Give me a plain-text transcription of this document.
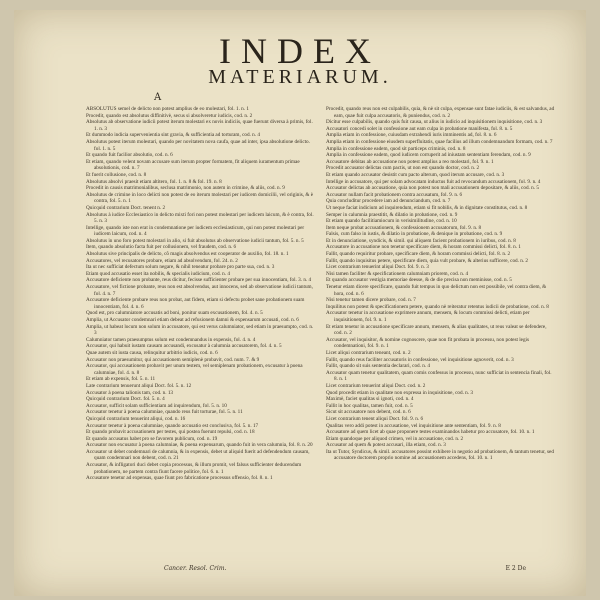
INDEX
MATERIARUM.
A

ABSOLUTUS semel de delicto non potest amplius de eo molestari, fol. 1. n. 1

Procedit, quando est absolutus diffinitivè, secus si absolveretur iudicis, cod. n. 2

Absolutus ab observatione iudicii potest iterum molestari ex novis indiciis, quae fuerunt diversa à primis, fol. 1. n. 3

Et dummodo indicia supervenientia sint gravia, & sufficientia ad torturam, cod. n. 4

Absolutus potest iterum molestari, quando per novitatem nova caufa, quae ad inter, ipsa absolutione delicto. fol. 1. n. 5

Et quando fuit facilior absolutio, cod. n. 6

Et etiam, quando velent novam accusare sum iterum propter formatem, fit aliquem iuramentum primae absolutionis, cod. n. 7

Et fuerit collusione, cod. n. 8

Absolutus absolvi praesit etiam altitero, fol. 1. n. 8 & fol. 19. n. 8

Procedit in causis matrimonialibus, seclusa matrimonio, non autem in crimine, & aliis, cod. n. 9

Absolutus de crimine in loco delicti non potest de eo iterum molestari per iudicem domicilii, vel originis, & è contra, fol. 5. n. 1

Quicquid contrarium Doct. tenent n. 2

Absolutus à iudice Ecclesiastico in delicto mixti fori non potest molestari per iudicem laicum, & è contra, fol. 5. n. 3

Intellige, quando iste non erat in condemnatione per iudicem ecclesiasticum, qui non potest molestari per iudicem laicum, cod. n. 4

Absolutus in uno foro potest molestari in alio, si fuit absolutus ab observatione iudicii tantum, fol. 5. n. 5

Item, quando absolutio facta fuit per collusionem, vel fraudem, cod. n. 6

Absolutus sive principalis de delicto, cõ magis absolvendus est cooperator de auxilio, fol. 18. n. 1

Accusatores, vel recusatores probare, etiam ad absolvendum, fol. 24. n. 2

Ita ut nec sufficiat defectum solum negare, & nihil teneatur probare pro parte sua, cod. n. 3

Etiam quod accusatio esset ita nobilis, & specialis iudicium, cod. n. 4

Accusatore deficiente non probante, reus dicitur, fecisse sufficienter probare per sua innocentiam, fol. 3. n. 4

Accusatore, vel fictione probante, reus non est absolvendus, aut innocens, sed ab observatione iudicii tantum, fol. 4. n. 7

Accusatore deficiente probare reus non probat, aut fidem, etiam si defectu probet sane probationem suam innocentiam, fol. 4. n. 6

Quod est, pro calumniatore accusatis ad boni, ponitur suam excusationem, fol. 4. n. 5

Amplia, ut Accusator condemnari etiam debeat ad refusionem damni & expensarum accusati, cod. n. 6

Amplia, ut habeat locum non solum in accusatore, qui est verus calumniator, sed etiam in praesumpto, cod. n. 3

Calumniator tamen praesumptus solum est condemnandus in expensis, fol. 4. n. 4

Accusator, qui habuit iustam causam accusandi, excusatur à calumnia accusatorem, fol. 4. n. 5

Quae autem sit iusta causa, relinquitur arbitrio iudicis, cod. n. 6

Accusator non praesumitur, qui accusationem semiplenè probavit, cod. num. 7. & 9

Accusator, qui accusationem probavit per unum testem, vel semiplenam probationem, excusatur à poena calumniae, fol. 4. n. 8

Et etiam ab expensis, fol. 5. n. 11

Late contrarium tenuerunt aliqui Doct. fol. 5. n. 12

Accusator à poena talionis tam, cod. n. 13

Quicquid contrarium Doct. fol. 5. n. 4

Accusator, sufficit solam sufficientiam ad inquirendum, fol. 5. n. 10

Accusator tenetur à poena calumniae, quando reus fuit torturae, fol. 5. n. 11

Quicquid contrarium tenuerint aliqui, cod. n. 16

Accusator tenetur à poena calumniae, quando accusatio est conclusiva, fol. 5. n. 17

Et quando probavit accusationem per testes, qui postea fuerunt repulsi, cod. n. 18

Et quando accusatus habet pro se favorem publicum, cod. n. 19

Accusator non excusatur à poena calumniae, & poena expensarum, quando fuit in vera calumnia, fol. 8. n. 20

Accusator ut debet condemnari de calumnia, & in expensis, debet ut aliquid fuerit ad defendendum causam, quam condemnari non debent, cod. n. 21

Accusator, & infligatori duci debet copia processus, & illum promit, vel falsus sufficienter deducendum probationem, ne partem contra fiunt facere politice, fol. 6. n. 1

Accusatore tenetur ad expensas, quae fiunt pro fabricatione processus offensio, fol. 8. n. 1

Procedit, quando reus non est culpabilis, quia, & nè sit culpa, expensae sunt fatae iudiciis, & est salvandus, ad eam, quae fuit culpa accusatoris, & puniendus, cod. n. 2

Dicitur esse culpabilis, quando quis fuit causa, ut alius in iudicio ad inquisitionem inquisitione, cod. n. 3

Accusatori concedi solet in confessione aut eam culpa in probatione manifesta, fol. 8. n. 5

Amplia etiam in confessione, cuiusdam extrahendi iuris imminentis ad, fol. 8. n. 6

Amplia etiam in confessione eiusdem superfluitatis, quae facilius ad illum condemnandum formam, cod. n. 7

Amplia in confessione eadem, quod sit particeps criminis, cod. n. 8

Amplia in confessione eadem, quod iudicem corruperit ad iniustam sententiam ferendam, cod. n. 9

Accusatore debitas ab accusatione non potest amplius a reo molestari, fol. 9. n. 1

Procedit accusator delictas cum pactis, ut non est quando doctor, cod. n. 2

Et etiam quando accusator desistit cum pacto alterum, quod iterum accusare, cod. n. 3

Intellige in accusatore, qui per solam advocatam inductus fuit ad revocandum accusationem, fol. 9. n. 4

Accusator delictas ab accusatione, quia non potest non mali accusationem depositare, & aliis, cod. n. 5

Accusator nullam facit probationem contra accusatum, fol. 9. n. 6

Quia concluditur procedere iam ad denunciandum, cod. n. 7

Ut neque faciat indicium ad inquirendum, etiam si fit nobilis, & in dignitate constitutus, cod. n. 8

Semper in calumnia praestitit, & dilatio in probatione, cod. n. 9

Et etiam quando facilitiamiocum in verisimilitudine, cod. n. 10

Item neque probat accusationem, & confessionem accusatorum, fol. 9. n. 8

Falsis, cum falso in iustis, & dilatio in probatione, & denique in probatione, cod. n. 9

Et in denunciatione, syndicis, & simil. qui aliquem facient probationem in iuribus, cod. n. 8

Accusatore in accusatione non tenetur specificare diem, & horam commissi delicti, fol. 8. n. 1

Fallit, quando requiritur probare, specificare diem, & horam commissi delicti, fol. 8. n. 2

Fallit, quando inquisitus petere, specificare diem, quia vult probare, & alterius sufficere, cod. n. 2

Licet contrarium tenuerint aliqui Doct. fol. 9. n. 3

Nisi tamen faciliter & specificationem calumniam priorem, cod. n. 4

Et quando accusator vestigia memoriae deesse, & de die precisa non meminisse, cod. n. 5

Tenetur etiam dicere specificare, quando fuit tempus in quo delictum non est possibile, vel contra diem, & hora, cod. n. 6

Nisi tenetur tamen dicere probare, cod. n. 7

Inquilitus non potest & specificationem petere, quando nè reiteratur retentus iudicii de probatione, cod. n. 8

Accusator tenetur in accusatione exprimere annum, mensem, & locum commissi delicti, etiam per inquisitionem, fol. 9. n. 1

Et etiam tenetur in accusatione specificare annum, mensem, & alias qualitates, ut reus valeat se defendere, cod. n. 2

Accusator, vel inquisitor, & nomine cognoscere, quae non fit probata in processu, non potest legis condemnationi, fol. 9. n. 1

Licet aliqui contrarium teneant, cod. n. 2

Fallit, quando reus faciliter accusatoris in confessione, vel inquisitione agnoverit, cod. n. 3

Fallit, quando sit suis sententia declarari, cod. n. 4

Accusator quam tenetur qualitatem, quam comis confessus in processu, nunc sufficiat in sentencia finali, fol. 8. n. 1

Licet contrarium tenuerint aliqui Doct. cod. n. 2

Quod procedit etiam in qualitate non expressa in inquisitione, cod. n. 3

Maximè, faciet qualitas si ignoti, cod. n. 4

Fallit in hoc qualitas, tamen fuit, cod. n. 5

Sicut sit accusatore non debent, cod. n. 6

Licet contrarium tenent aliqui Doct. fol. 9. n. 6

Qualitas vero addi potest in accusatione, vel inquisitione ante sententiam, fol. 9. n. 8

Accusatore ad quem licet ab quae proponere testes examinandos habetur pro accusatore, fol. 10. n. 1

Etiam quandoque per aliquod crimen, vel in accusatione, cod. n. 2

Accusator ad quem & potest accusari, illa etiam, cod. n. 3

Ita ut Tutor, Syndicus, & simil. accusatores possint exhibere in negotio ad probationem, & tantum tenetur, sed accusatore doctorem proprio nomine ad accusationem accedens, fol. 10. n. 1

Cancer. Resol. Crim.	E 2 De
